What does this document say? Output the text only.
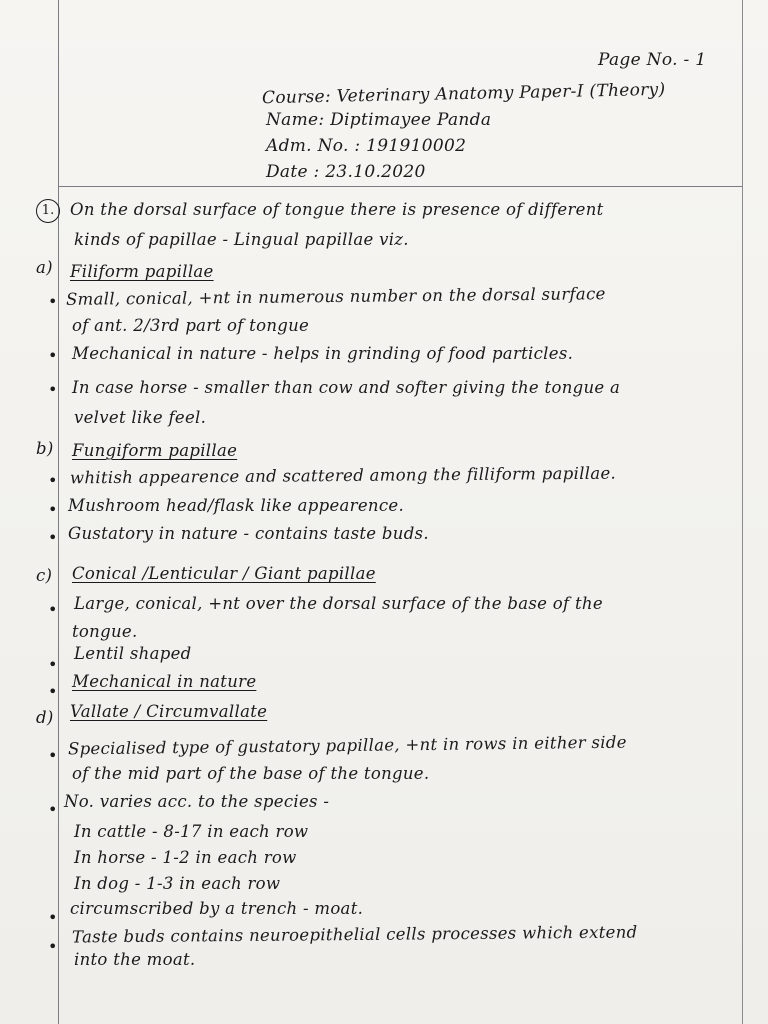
Page No. - 1
Course: Veterinary Anatomy Paper-I (Theory)
Name: Diptimayee Panda
Adm. No. : 191910002
Date : 23.10.2020
1. On the dorsal surface of tongue there is presence of different
kinds of papillae - Lingual papillae viz.
a) Filiform papillae
• Small, conical, +nt in numerous number on the dorsal surface
of ant. 2/3rd part of tongue
• Mechanical in nature - helps in grinding of food particles.
• In case horse - smaller than cow and softer giving the tongue a
velvet like feel.
b) Fungiform papillae
• whitish appearence and scattered among the filliform papillae.
• Mushroom head/flask like appearence.
• Gustatory in nature - contains taste buds.
c) Conical /Lenticular / Giant papillae
• Large, conical, +nt over the dorsal surface of the base of the
tongue.
•
Lentil shaped
•
Mechanical in nature
d) Vallate / Circumvallate
• Specialised type of gustatory papillae, +nt in rows in either side
of the mid part of the base of the tongue.
• No. varies acc. to the species -
In cattle - 8-17 in each row
In horse - 1-2 in each row
In dog - 1-3 in each row
• circumscribed by a trench - moat.
•
Taste buds contains neuroepithelial cells processes which extend
into the moat.
